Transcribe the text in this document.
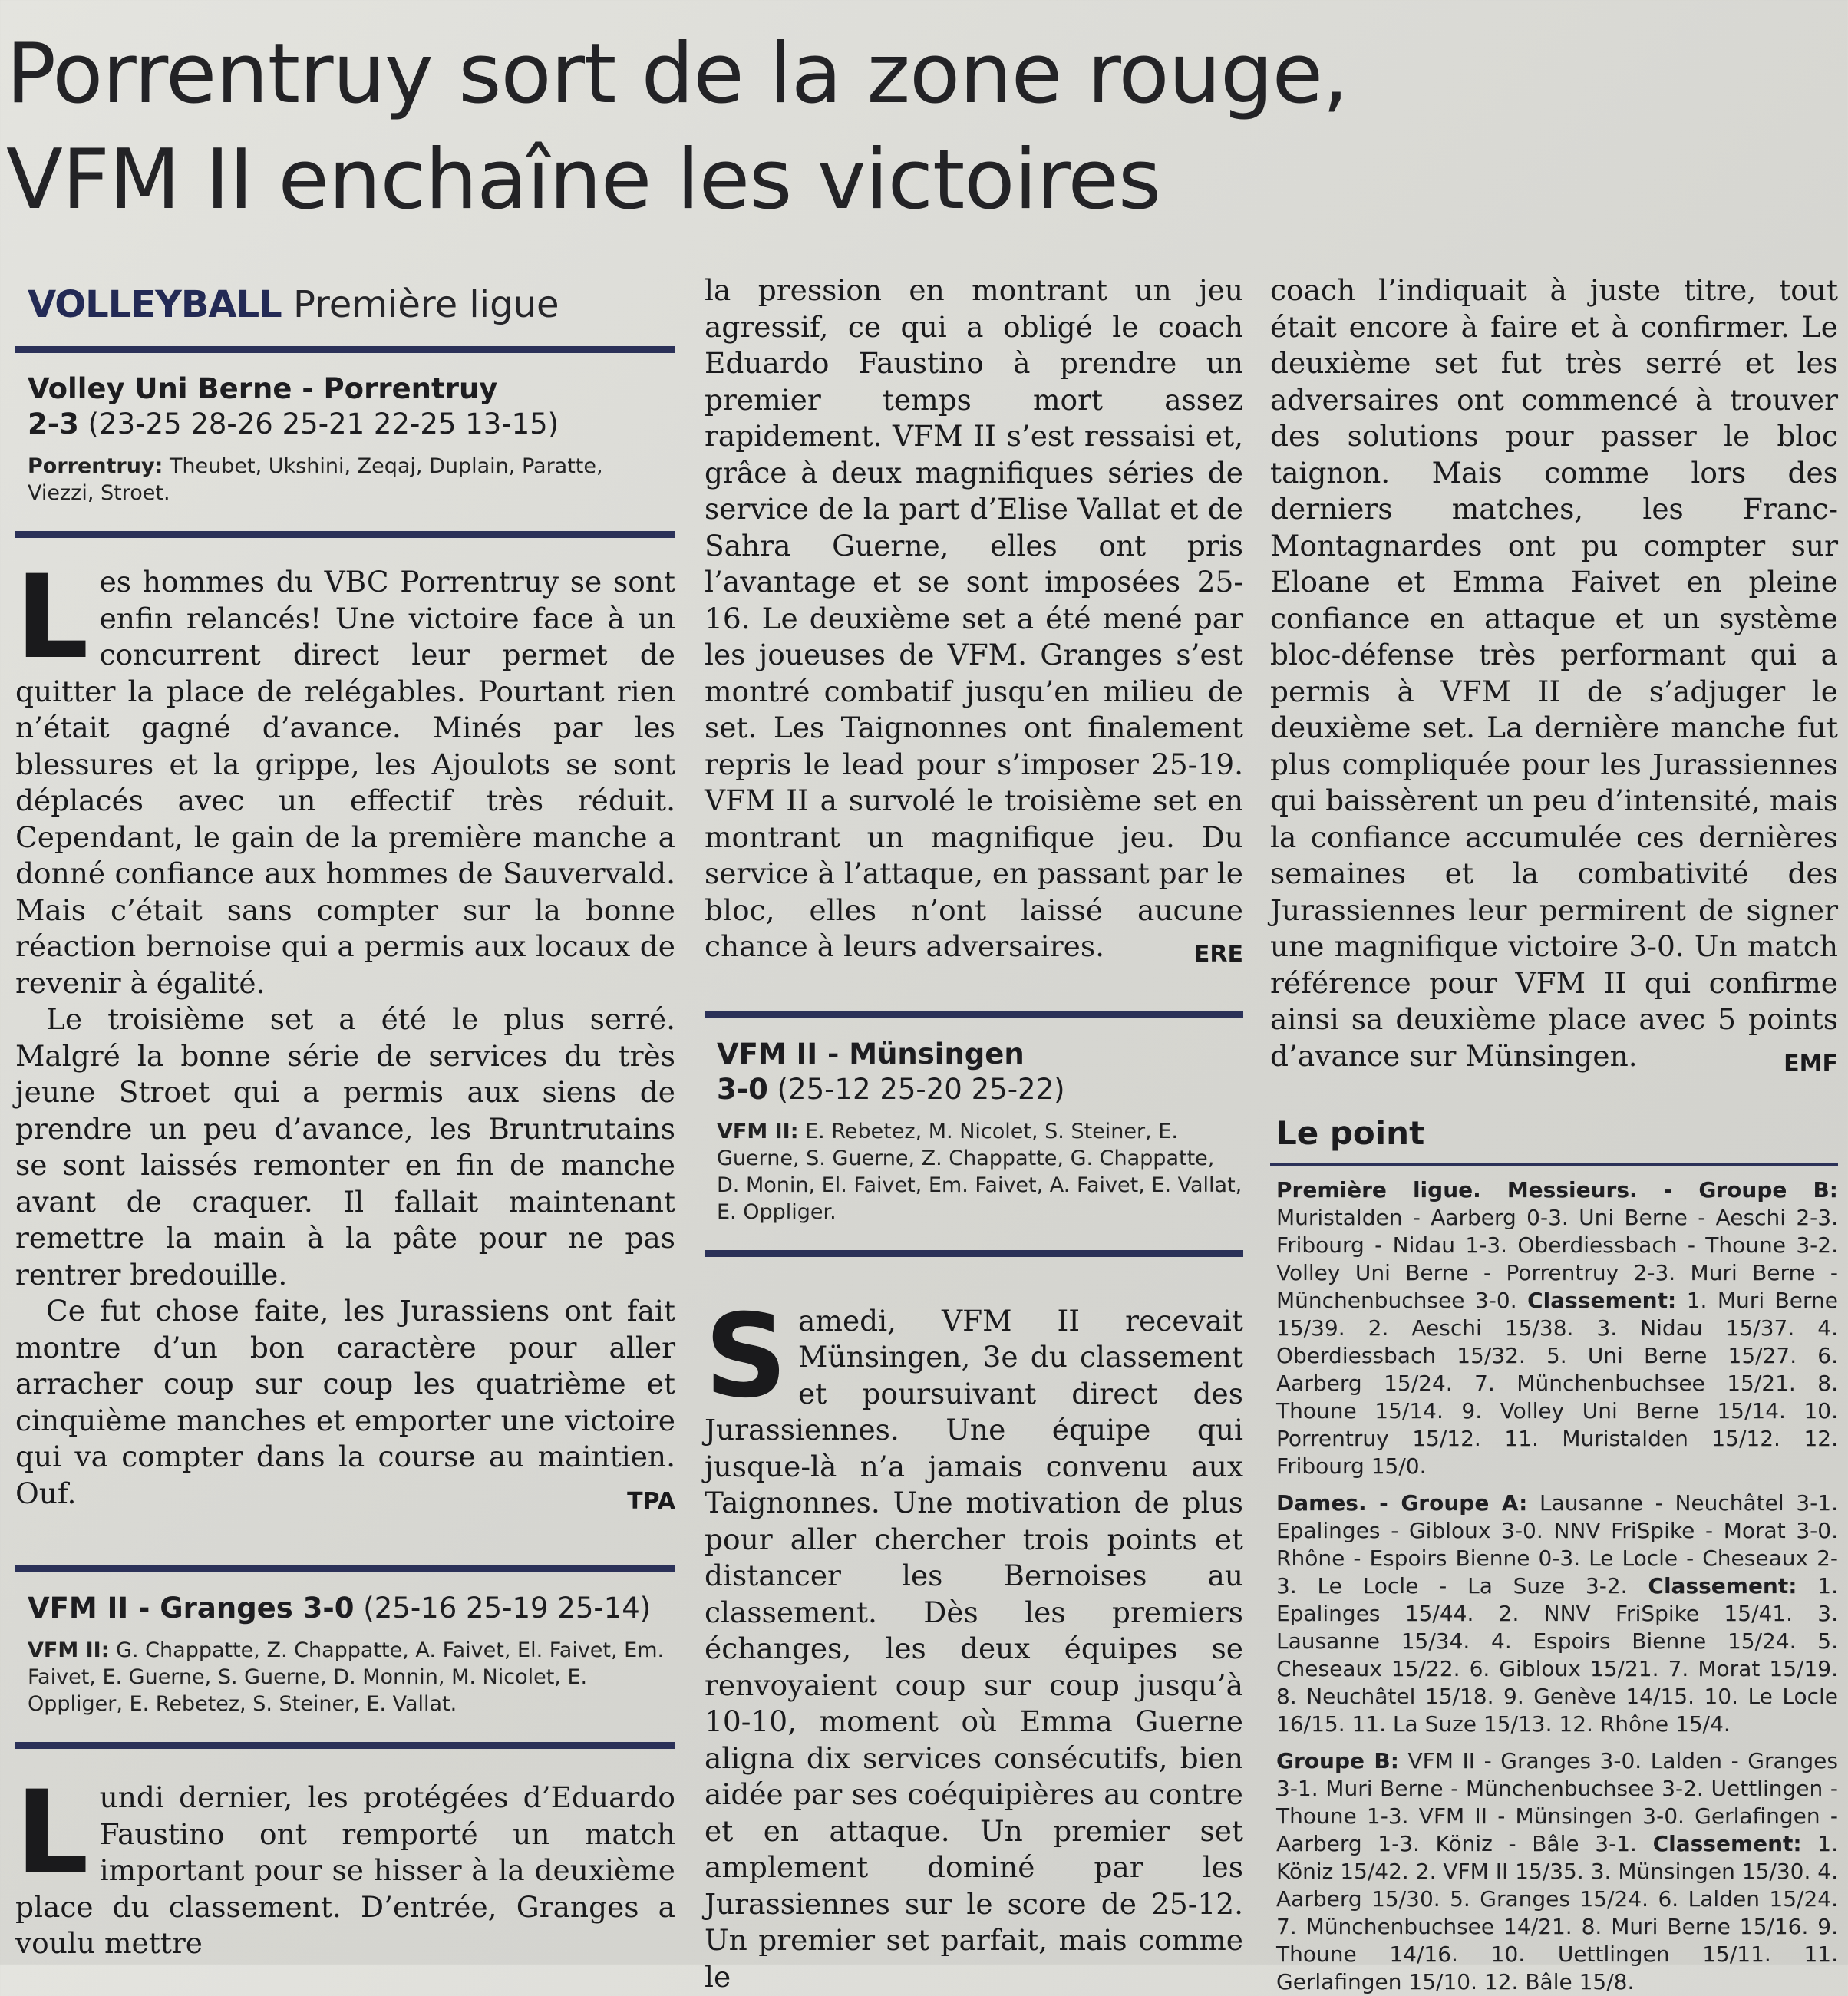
Porrentruy sort de la zone rouge,
VFM II enchaîne les victoires
VOLLEYBALL Première ligue
Volley Uni Berne - Porrentruy
2-3 (23-25 28-26 25-21 22-25 13-15)
Porrentruy: Theubet, Ukshini, Zeqaj, Duplain, Paratte, Viezzi, Stroet.

Les hommes du VBC Porrentruy se sont enfin relancés! Une victoire face à un concurrent direct leur permet de quitter la place de relégables. Pourtant rien n’était gagné d’avance. Minés par les blessures et la grippe, les Ajoulots se sont déplacés avec un effectif très réduit. Cependant, le gain de la première manche a donné confiance aux hommes de Sauvervald. Mais c’était sans compter sur la bonne réaction bernoise qui a permis aux locaux de revenir à égalité.

Le troisième set a été le plus serré. Malgré la bonne série de services du très jeune Stroet qui a permis aux siens de prendre un peu d’avance, les Bruntrutains se sont laissés remonter en fin de manche avant de craquer. Il fallait maintenant remettre la main à la pâte pour ne pas rentrer bredouille.

Ce fut chose faite, les Jurassiens ont fait montre d’un bon caractère pour aller arracher coup sur coup les quatrième et cinquième manches et emporter une victoire qui va compter dans la course au maintien. Ouf.	TPA

VFM II - Granges 3-0 (25-16 25-19 25-14)
VFM II: G. Chappatte, Z. Chappatte, A. Faivet, El. Faivet, Em. Faivet, E. Guerne, S. Guerne, D. Monnin, M. Nicolet, E. Oppliger, E. Rebetez, S. Steiner, E. Vallat.

Lundi dernier, les protégées d’Eduardo Faustino ont remporté un match important pour se hisser à la deuxième place du classement. D’entrée, Granges a voulu mettre

la pression en montrant un jeu agressif, ce qui a obligé le coach Eduardo Faustino à prendre un premier temps mort assez rapidement. VFM II s’est ressaisi et, grâce à deux magnifiques séries de service de la part d’Elise Vallat et de Sahra Guerne, elles ont pris l’avantage et se sont imposées 25-16. Le deuxième set a été mené par les joueuses de VFM. Granges s’est montré combatif jusqu’en milieu de set. Les Taignonnes ont finalement repris le lead pour s’imposer 25-19. VFM II a survolé le troisième set en montrant un magnifique jeu. Du service à l’attaque, en passant par le bloc, elles n’ont laissé aucune chance à leurs adversaires.	ERE

VFM II - Münsingen
3-0 (25-12 25-20 25-22)
VFM II: E. Rebetez, M. Nicolet, S. Steiner, E. Guerne, S. Guerne, Z. Chappatte, G. Chappatte, D. Monin, El. Faivet, Em. Faivet, A. Faivet, E. Vallat, E. Oppliger.

Samedi, VFM II recevait Münsingen, 3e du classement et poursuivant direct des Jurassiennes. Une équipe qui jusque-là n’a jamais convenu aux Taignonnes. Une motivation de plus pour aller chercher trois points et distancer les Bernoises au classement. Dès les premiers échanges, les deux équipes se renvoyaient coup sur coup jusqu’à 10-10, moment où Emma Guerne aligna dix services consécutifs, bien aidée par ses coéquipières au contre et en attaque. Un premier set amplement dominé par les Jurassiennes sur le score de 25-12. Un premier set parfait, mais comme le

coach l’indiquait à juste titre, tout était encore à faire et à confirmer. Le deuxième set fut très serré et les adversaires ont commencé à trouver des solutions pour passer le bloc taignon. Mais comme lors des derniers matches, les Franc-Montagnardes ont pu compter sur Eloane et Emma Faivet en pleine confiance en attaque et un système bloc-défense très performant qui a permis à VFM II de s’adjuger le deuxième set. La dernière manche fut plus compliquée pour les Jurassiennes qui baissèrent un peu d’intensité, mais la confiance accumulée ces dernières semaines et la combativité des Jurassiennes leur permirent de signer une magnifique victoire 3-0. Un match référence pour VFM II qui confirme ainsi sa deuxième place avec 5 points d’avance sur Münsingen.	EMF

Le point

Première ligue. Messieurs. - Groupe B: Muristalden - Aarberg 0-3. Uni Berne - Aeschi 2-3. Fribourg - Nidau 1-3. Oberdiessbach - Thoune 3-2. Volley Uni Berne - Porrentruy 2-3. Muri Berne - Münchenbuchsee 3-0. Classement: 1. Muri Berne 15/39. 2. Aeschi 15/38. 3. Nidau 15/37. 4. Oberdiessbach 15/32. 5. Uni Berne 15/27. 6. Aarberg 15/24. 7. Münchenbuchsee 15/21. 8. Thoune 15/14. 9. Volley Uni Berne 15/14. 10. Porrentruy 15/12. 11. Muristalden 15/12. 12. Fribourg 15/0.

Dames. - Groupe A: Lausanne - Neuchâtel 3-1. Epalinges - Gibloux 3-0. NNV FriSpike - Morat 3-0. Rhône - Espoirs Bienne 0-3. Le Locle - Cheseaux 2-3. Le Locle - La Suze 3-2. Classement: 1. Epalinges 15/44. 2. NNV FriSpike 15/41. 3. Lausanne 15/34. 4. Espoirs Bienne 15/24. 5. Cheseaux 15/22. 6. Gibloux 15/21. 7. Morat 15/19. 8. Neuchâtel 15/18. 9. Genève 14/15. 10. Le Locle 16/15. 11. La Suze 15/13. 12. Rhône 15/4.

Groupe B: VFM II - Granges 3-0. Lalden - Granges 3-1. Muri Berne - Münchenbuchsee 3-2. Uettlingen - Thoune 1-3. VFM II - Münsingen 3-0. Gerlafingen - Aarberg 1-3. Köniz - Bâle 3-1. Classement: 1. Köniz 15/42. 2. VFM II 15/35. 3. Münsingen 15/30. 4. Aarberg 15/30. 5. Granges 15/24. 6. Lalden 15/24. 7. Münchenbuchsee 14/21. 8. Muri Berne 15/16. 9. Thoune 14/16. 10. Uettlingen 15/11. 11. Gerlafingen 15/10. 12. Bâle 15/8.
